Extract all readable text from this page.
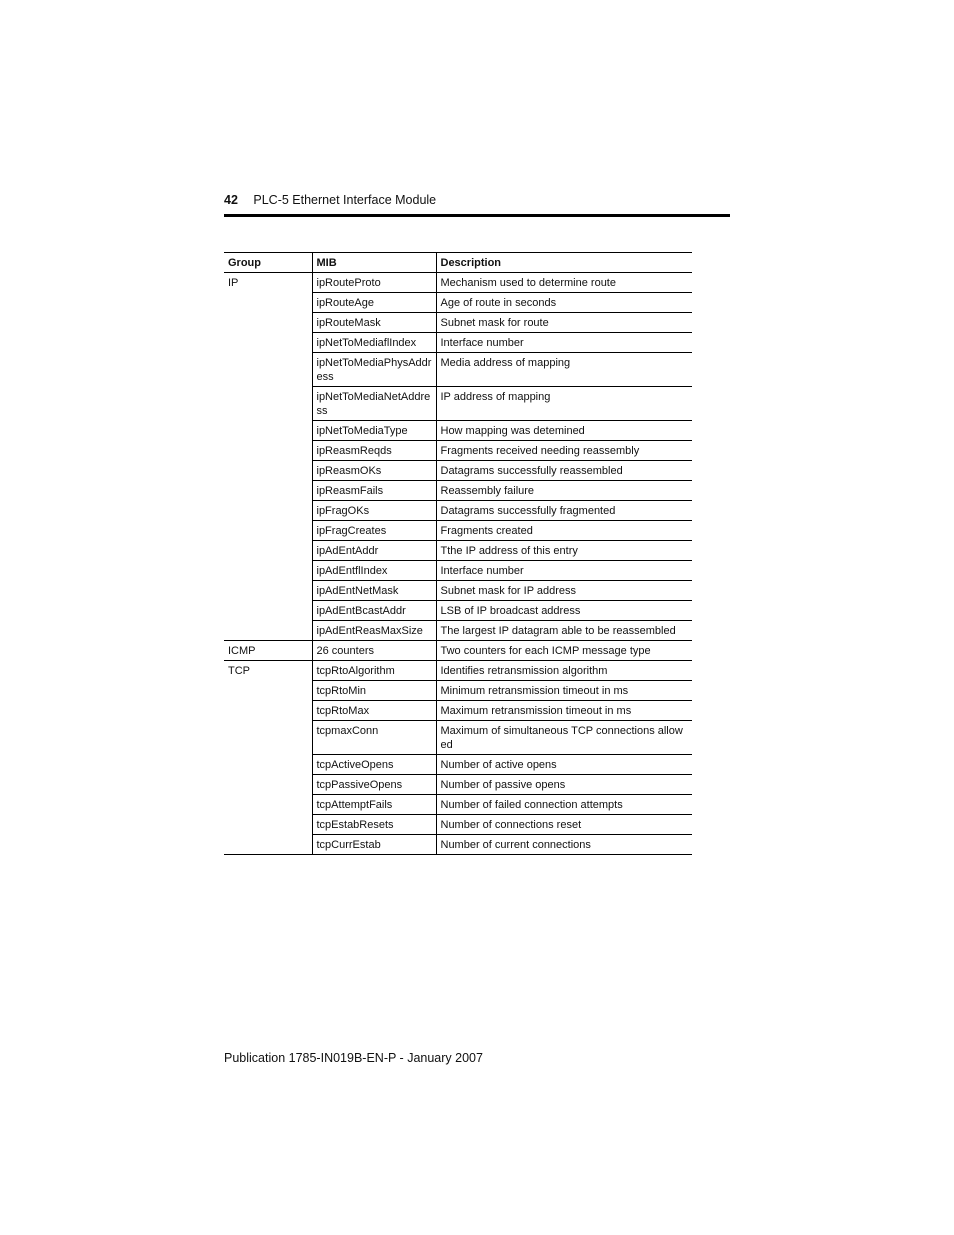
42 PLC-5 Ethernet Interface Module
Group	MIB	Description
IP	ipRouteProto	Mechanism used to determine route
	ipRouteAge	Age of route in seconds
	ipRouteMask	Subnet mask for route
	ipNetToMediaflIndex	Interface number
	ipNetToMediaPhysAddress	Media address of mapping
	ipNetToMediaNetAddress	IP address of mapping
	ipNetToMediaType	How mapping was detemined
	ipReasmReqds	Fragments received needing reassembly
	ipReasmOKs	Datagrams successfully reassembled
	ipReasmFails	Reassembly failure
	ipFragOKs	Datagrams successfully fragmented
	ipFragCreates	Fragments created
	ipAdEntAddr	Tthe IP address of this entry
	ipAdEntflIndex	Interface number
	ipAdEntNetMask	Subnet mask for IP address
	ipAdEntBcastAddr	LSB of IP broadcast address
	ipAdEntReasMaxSize	The largest IP datagram able to be reassembled
ICMP	26 counters	Two counters for each ICMP message type
TCP	tcpRtoAlgorithm	Identifies retransmission algorithm
	tcpRtoMin	Minimum retransmission timeout in ms
	tcpRtoMax	Maximum retransmission timeout in ms
	tcpmaxConn	Maximum of simultaneous TCP connections allowed
	tcpActiveOpens	Number of active opens
	tcpPassiveOpens	Number of passive opens
	tcpAttemptFails	Number of failed connection attempts
	tcpEstabResets	Number of connections reset
	tcpCurrEstab	Number of current connections
Publication 1785-IN019B-EN-P - January 2007
